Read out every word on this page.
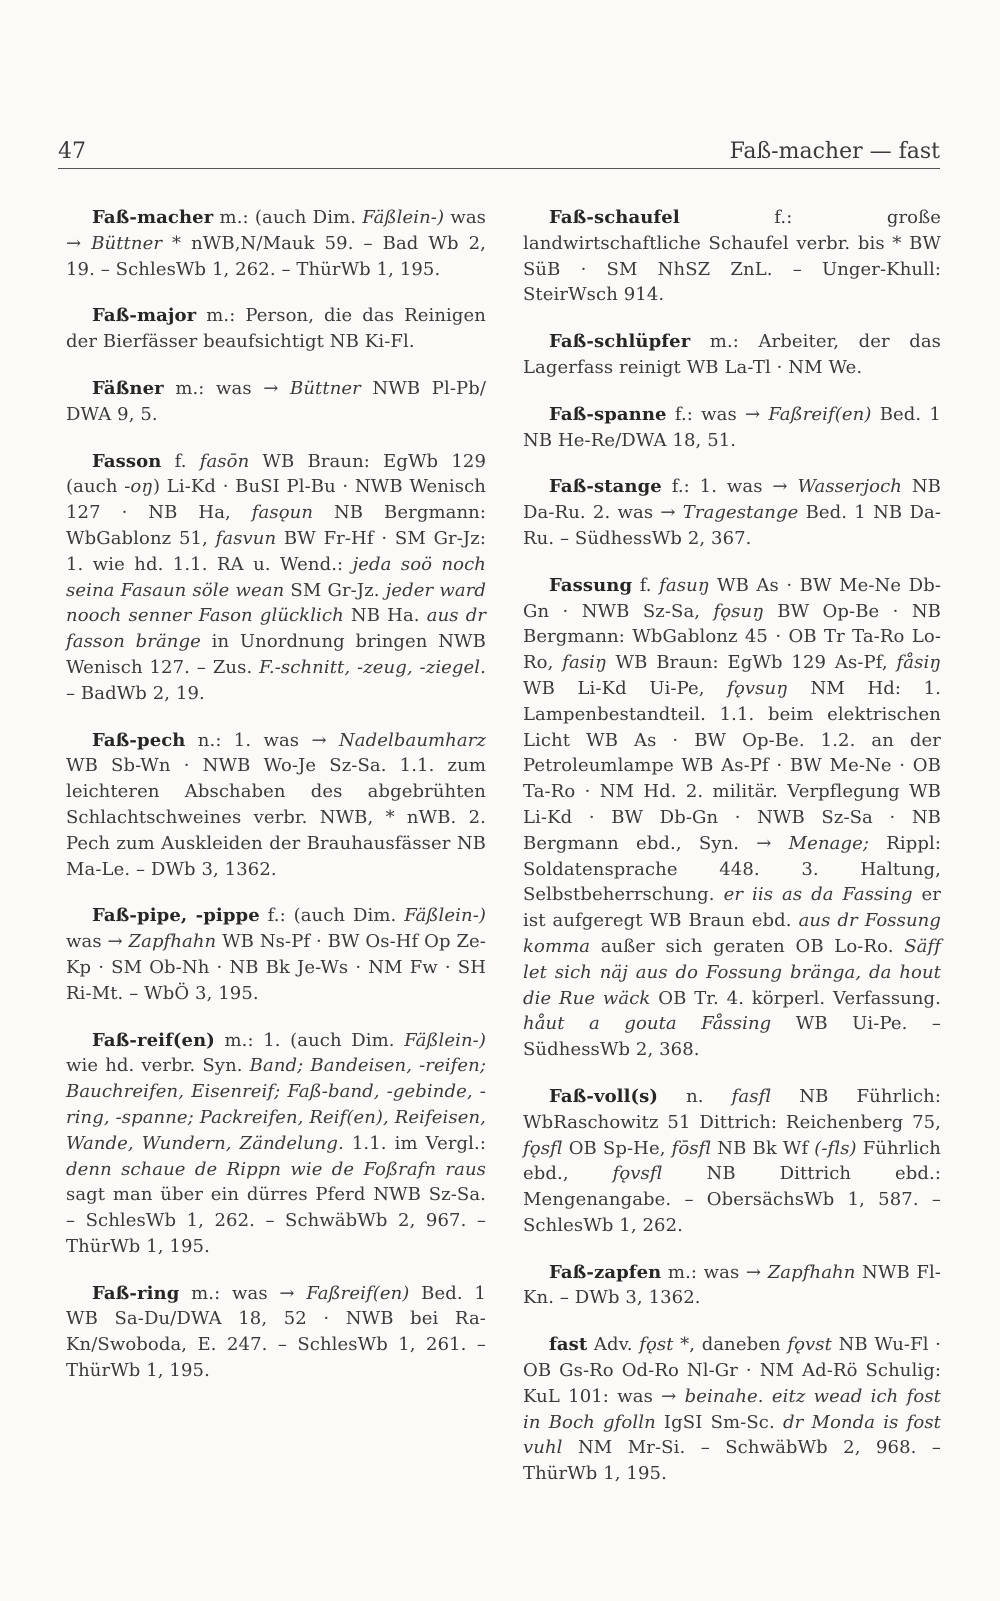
47	Faß-macher — fast

Faß-macher m.: (auch Dim. Fäßlein-) was → Büttner * nWB,N/Mauk 59. – Bad Wb 2, 19. – SchlesWb 1, 262. – ThürWb 1, 195.

Faß-major m.: Person, die das Reinigen der Bierfässer beaufsichtigt NB Ki-Fl.

Fäßner m.: was → Büttner NWB Pl-Pb/ DWA 9, 5.

Fasson f. fasōn WB Braun: EgWb 129 (auch -oŋ) Li-Kd · BuSI Pl-Bu · NWB Wenisch 127 · NB Ha, fasǫun NB Bergmann: WbGablonz 51, fasvun BW Fr-Hf · SM Gr-Jz: 1. wie hd. 1.1. RA u. Wend.: jeda soö noch seina Fasaun söle wean SM Gr-Jz. jeder ward nooch senner Fason glücklich NB Ha. aus dr fasson bränge in Unordnung bringen NWB Wenisch 127. – Zus. F.-schnitt, -zeug, -ziegel. – BadWb 2, 19.

Faß-pech n.: 1. was → Nadelbaumharz WB Sb-Wn · NWB Wo-Je Sz-Sa. 1.1. zum leichteren Abschaben des abgebrühten Schlachtschweines verbr. NWB, * nWB. 2. Pech zum Auskleiden der Brauhausfässer NB Ma-Le. – DWb 3, 1362.

Faß-pipe, -pippe f.: (auch Dim. Fäßlein-) was → Zapfhahn WB Ns-Pf · BW Os-Hf Op Ze-Kp · SM Ob-Nh · NB Bk Je-Ws · NM Fw · SH Ri-Mt. – WbÖ 3, 195.

Faß-reif(en) m.: 1. (auch Dim. Fäßlein-) wie hd. verbr. Syn. Band; Bandeisen, -reifen; Bauchreifen, Eisenreif; Faß-band, -gebinde, -ring, -spanne; Packreifen, Reif(en), Reifeisen, Wande, Wundern, Zändelung. 1.1. im Vergl.: denn schaue de Rippn wie de Foßrafn raus sagt man über ein dürres Pferd NWB Sz-Sa. – SchlesWb 1, 262. – SchwäbWb 2, 967. – ThürWb 1, 195.

Faß-ring m.: was → Faßreif(en) Bed. 1 WB Sa-Du/DWA 18, 52 · NWB bei Ra-Kn/Swoboda, E. 247. – SchlesWb 1, 261. – ThürWb 1, 195.

Faß-schaufel f.: große landwirtschaftliche Schaufel verbr. bis * BW SüB · SM NhSZ ZnL. – Unger-Khull: SteirWsch 914.

Faß-schlüpfer m.: Arbeiter, der das Lagerfass reinigt WB La-Tl · NM We.

Faß-spanne f.: was → Faßreif(en) Bed. 1 NB He-Re/DWA 18, 51.

Faß-stange f.: 1. was → Wasserjoch NB Da-Ru. 2. was → Tragestange Bed. 1 NB Da-Ru. – SüdhessWb 2, 367.

Fassung f. fasuŋ WB As · BW Me-Ne Db-Gn · NWB Sz-Sa, fǫsuŋ BW Op-Be · NB Bergmann: WbGablonz 45 · OB Tr Ta-Ro Lo-Ro, fasiŋ WB Braun: EgWb 129 As-Pf, fåsiŋ WB Li-Kd Ui-Pe, fǫvsuŋ NM Hd: 1. Lampenbestandteil. 1.1. beim elektrischen Licht WB As · BW Op-Be. 1.2. an der Petroleumlampe WB As-Pf · BW Me-Ne · OB Ta-Ro · NM Hd. 2. militär. Verpflegung WB Li-Kd · BW Db-Gn · NWB Sz-Sa · NB Bergmann ebd., Syn. → Menage; Rippl: Soldatensprache 448. 3. Haltung, Selbstbeherrschung. er iis as da Fassing er ist aufgeregt WB Braun ebd. aus dr Fossung komma außer sich geraten OB Lo-Ro. Säff let sich näj aus do Fossung bränga, da hout die Rue wäck OB Tr. 4. körperl. Verfassung. håut a gouta Fåssing WB Ui-Pe. – SüdhessWb 2, 368.

Faß-voll(s) n. fasfl NB Führlich: WbRaschowitz 51 Dittrich: Reichenberg 75, fǫsfl OB Sp-He, fōsfl NB Bk Wf (-fls) Führlich ebd., fǫvsfl NB Dittrich ebd.: Mengenangabe. – ObersächsWb 1, 587. – SchlesWb 1, 262.

Faß-zapfen m.: was → Zapfhahn NWB Fl-Kn. – DWb 3, 1362.

fast Adv. fǫst *, daneben fǫvst NB Wu-Fl · OB Gs-Ro Od-Ro Nl-Gr · NM Ad-Rö Schulig: KuL 101: was → beinahe. eitz wead ich fost in Boch gfolln IgSI Sm-Sc. dr Monda is fost vuhl NM Mr-Si. – SchwäbWb 2, 968. – ThürWb 1, 195.
